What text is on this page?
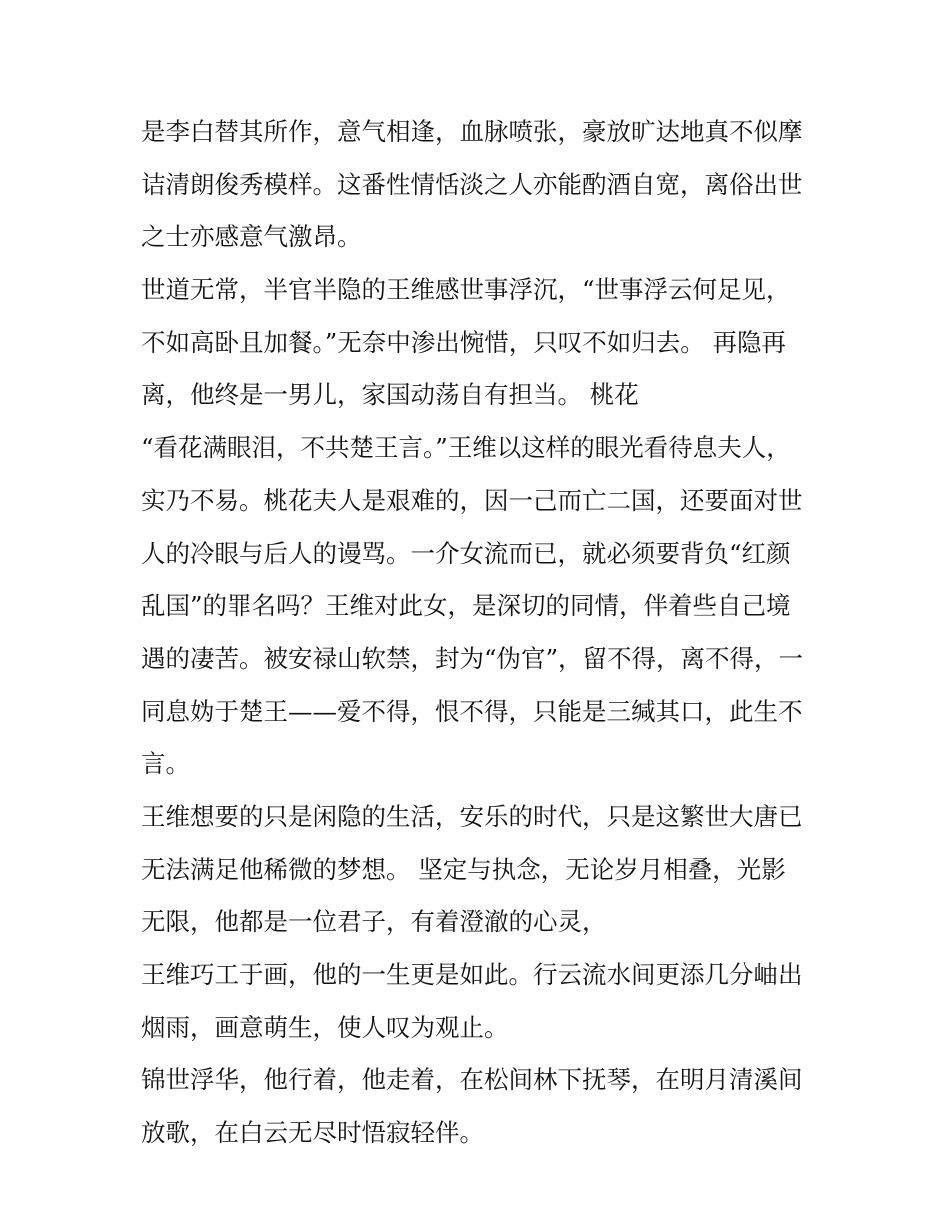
是李白替其所作，意气相逢，血脉喷张，豪放旷达地真不似摩
诘清朗俊秀模样。这番性情恬淡之人亦能酌酒自宽，离俗出世
之士亦感意气激昂。
世道无常，半官半隐的王维感世事浮沉，“世事浮云何足见，
不如高卧且加餐。”无奈中渗出惋惜，只叹不如归去。 再隐再
离，他终是一男儿，家国动荡自有担当。 桃花
“看花满眼泪，不共楚王言。”王维以这样的眼光看待息夫人，
实乃不易。桃花夫人是艰难的，因一己而亡二国，还要面对世
人的冷眼与后人的谩骂。一介女流而已，就必须要背负“红颜
乱国”的罪名吗？王维对此女，是深切的同情，伴着些自己境
遇的凄苦。被安禄山软禁，封为“伪官”，留不得，离不得，一
同息妫于楚王——爱不得，恨不得，只能是三缄其口，此生不
言。
王维想要的只是闲隐的生活，安乐的时代，只是这繁世大唐已
无法满足他稀微的梦想。 坚定与执念，无论岁月相叠，光影
无限，他都是一位君子，有着澄澈的心灵，
王维巧工于画，他的一生更是如此。行云流水间更添几分岫出
烟雨，画意萌生，使人叹为观止。
锦世浮华，他行着，他走着，在松间林下抚琴，在明月清溪间
放歌，在白云无尽时悟寂轻伴。
